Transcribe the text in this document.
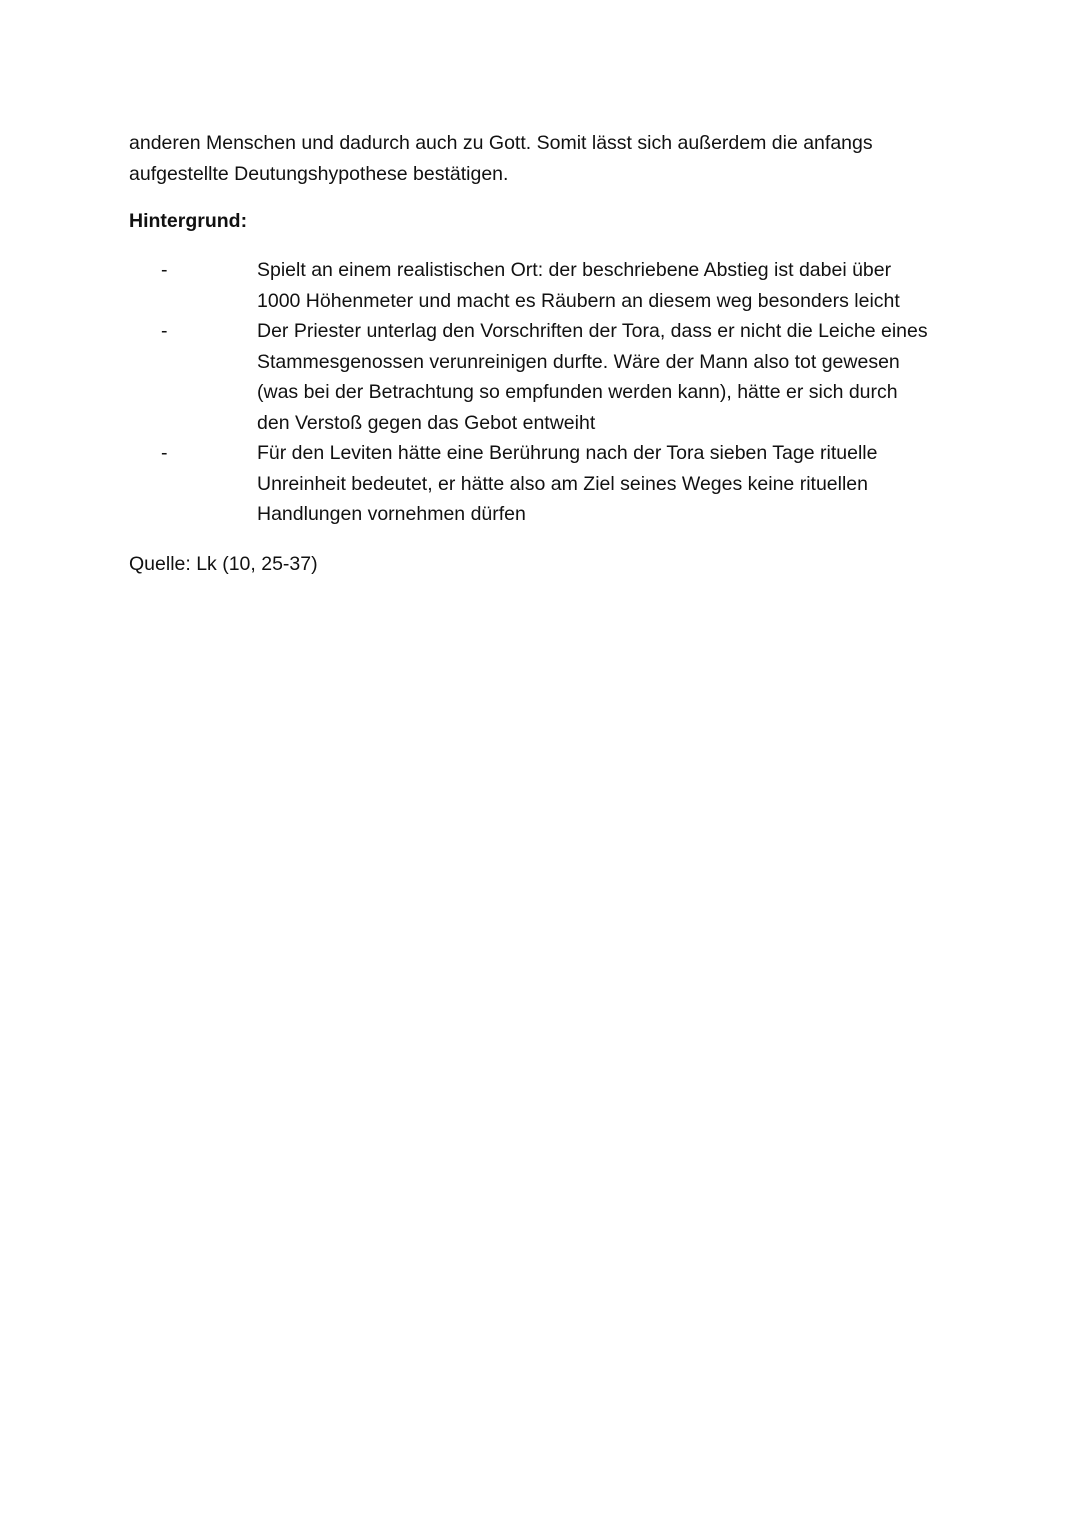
anderen Menschen und dadurch auch zu Gott. Somit lässt sich außerdem die anfangs
aufgestellte Deutungshypothese bestätigen.

Hintergrund:
-	Spielt an einem realistischen Ort: der beschriebene Abstieg ist dabei über
1000 Höhenmeter und macht es Räubern an diesem weg besonders leicht
-	Der Priester unterlag den Vorschriften der Tora, dass er nicht die Leiche eines
Stammesgenossen verunreinigen durfte. Wäre der Mann also tot gewesen
(was bei der Betrachtung so empfunden werden kann), hätte er sich durch
den Verstoß gegen das Gebot entweiht
-	Für den Leviten hätte eine Berührung nach der Tora sieben Tage rituelle
Unreinheit bedeutet, er hätte also am Ziel seines Weges keine rituellen
Handlungen vornehmen dürfen

Quelle: Lk (10, 25-37)
